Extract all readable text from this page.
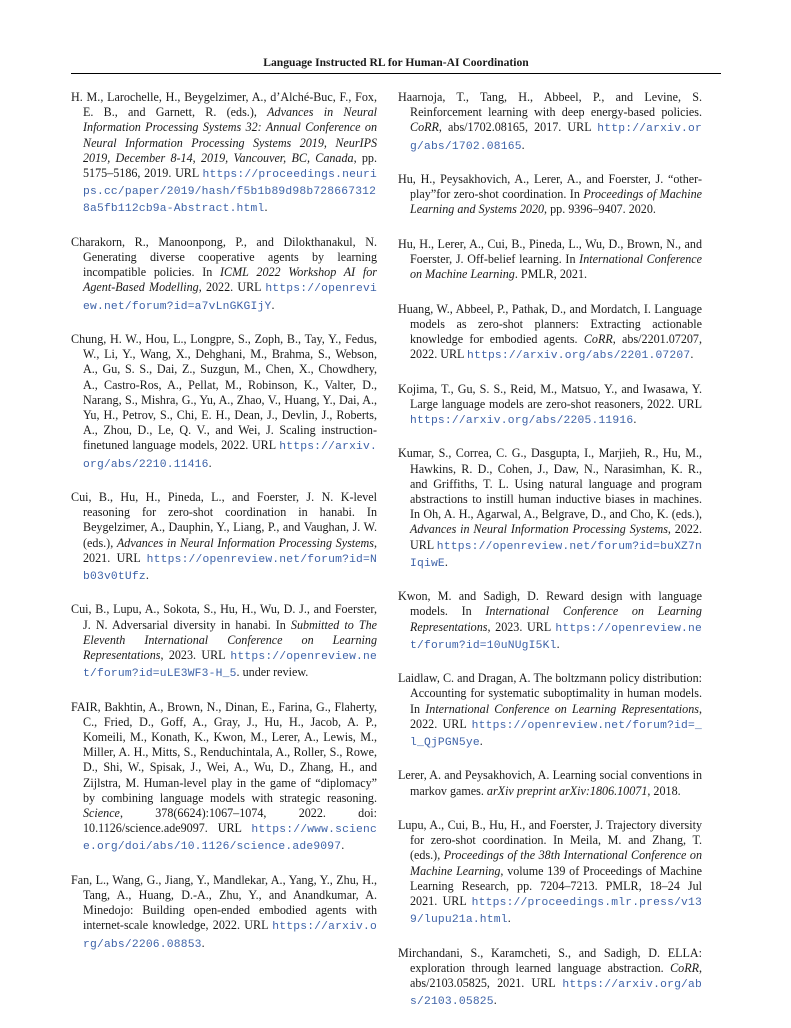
Language Instructed RL for Human-AI Coordination

H. M., Larochelle, H., Beygelzimer, A., d’Alché-Buc, F., Fox, E. B., and Garnett, R. (eds.), Advances in Neural Information Processing Systems 32: Annual Conference on Neural Information Processing Systems 2019, NeurIPS 2019, December 8-14, 2019, Vancouver, BC, Canada, pp. 5175–5186, 2019. URL https://proceedings.neurips.cc/paper/2019/hash/f5b1b89d98b7286673128a5fb112cb9a-Abstract.html.

Charakorn, R., Manoonpong, P., and Dilokthanakul, N. Generating diverse cooperative agents by learning incompatible policies. In ICML 2022 Workshop AI for Agent-Based Modelling, 2022. URL https://openreview.net/forum?id=a7vLnGKGIjY.

Chung, H. W., Hou, L., Longpre, S., Zoph, B., Tay, Y., Fedus, W., Li, Y., Wang, X., Dehghani, M., Brahma, S., Webson, A., Gu, S. S., Dai, Z., Suzgun, M., Chen, X., Chowdhery, A., Castro-Ros, A., Pellat, M., Robinson, K., Valter, D., Narang, S., Mishra, G., Yu, A., Zhao, V., Huang, Y., Dai, A., Yu, H., Petrov, S., Chi, E. H., Dean, J., Devlin, J., Roberts, A., Zhou, D., Le, Q. V., and Wei, J. Scaling instruction-finetuned language models, 2022. URL https://arxiv.org/abs/2210.11416.

Cui, B., Hu, H., Pineda, L., and Foerster, J. N. K-level reasoning for zero-shot coordination in hanabi. In Beygelzimer, A., Dauphin, Y., Liang, P., and Vaughan, J. W. (eds.), Advances in Neural Information Processing Systems, 2021. URL https://openreview.net/forum?id=Nb03v0tUfz.

Cui, B., Lupu, A., Sokota, S., Hu, H., Wu, D. J., and Foerster, J. N. Adversarial diversity in hanabi. In Submitted to The Eleventh International Conference on Learning Representations, 2023. URL https://openreview.net/forum?id=uLE3WF3-H_5. under review.

FAIR, Bakhtin, A., Brown, N., Dinan, E., Farina, G., Flaherty, C., Fried, D., Goff, A., Gray, J., Hu, H., Jacob, A. P., Komeili, M., Konath, K., Kwon, M., Lerer, A., Lewis, M., Miller, A. H., Mitts, S., Renduchintala, A., Roller, S., Rowe, D., Shi, W., Spisak, J., Wei, A., Wu, D., Zhang, H., and Zijlstra, M. Human-level play in the game of “diplomacy” by combining language models with strategic reasoning. Science, 378(6624):1067–1074, 2022. doi: 10.1126/science.ade9097. URL https://www.science.org/doi/abs/10.1126/science.ade9097.

Fan, L., Wang, G., Jiang, Y., Mandlekar, A., Yang, Y., Zhu, H., Tang, A., Huang, D.-A., Zhu, Y., and Anandkumar, A. Minedojo: Building open-ended embodied agents with internet-scale knowledge, 2022. URL https://arxiv.org/abs/2206.08853.

Haarnoja, T., Tang, H., Abbeel, P., and Levine, S. Reinforcement learning with deep energy-based policies. CoRR, abs/1702.08165, 2017. URL http://arxiv.org/abs/1702.08165.

Hu, H., Peysakhovich, A., Lerer, A., and Foerster, J. “other-play”for zero-shot coordination. In Proceedings of Machine Learning and Systems 2020, pp. 9396–9407. 2020.

Hu, H., Lerer, A., Cui, B., Pineda, L., Wu, D., Brown, N., and Foerster, J. Off-belief learning. In International Conference on Machine Learning. PMLR, 2021.

Huang, W., Abbeel, P., Pathak, D., and Mordatch, I. Language models as zero-shot planners: Extracting actionable knowledge for embodied agents. CoRR, abs/2201.07207, 2022. URL https://arxiv.org/abs/2201.07207.

Kojima, T., Gu, S. S., Reid, M., Matsuo, Y., and Iwasawa, Y. Large language models are zero-shot reasoners, 2022. URL https://arxiv.org/abs/2205.11916.

Kumar, S., Correa, C. G., Dasgupta, I., Marjieh, R., Hu, M., Hawkins, R. D., Cohen, J., Daw, N., Narasimhan, K. R., and Griffiths, T. L. Using natural language and program abstractions to instill human inductive biases in machines. In Oh, A. H., Agarwal, A., Belgrave, D., and Cho, K. (eds.), Advances in Neural Information Processing Systems, 2022. URL https://openreview.net/forum?id=buXZ7nIqiwE.

Kwon, M. and Sadigh, D. Reward design with language models. In International Conference on Learning Representations, 2023. URL https://openreview.net/forum?id=10uNUgI5Kl.

Laidlaw, C. and Dragan, A. The boltzmann policy distribution: Accounting for systematic suboptimality in human models. In International Conference on Learning Representations, 2022. URL https://openreview.net/forum?id=_l_QjPGN5ye.

Lerer, A. and Peysakhovich, A. Learning social conventions in markov games. arXiv preprint arXiv:1806.10071, 2018.

Lupu, A., Cui, B., Hu, H., and Foerster, J. Trajectory diversity for zero-shot coordination. In Meila, M. and Zhang, T. (eds.), Proceedings of the 38th International Conference on Machine Learning, volume 139 of Proceedings of Machine Learning Research, pp. 7204–7213. PMLR, 18–24 Jul 2021. URL https://proceedings.mlr.press/v139/lupu21a.html.

Mirchandani, S., Karamcheti, S., and Sadigh, D. ELLA: exploration through learned language abstraction. CoRR, abs/2103.05825, 2021. URL https://arxiv.org/abs/2103.05825.
